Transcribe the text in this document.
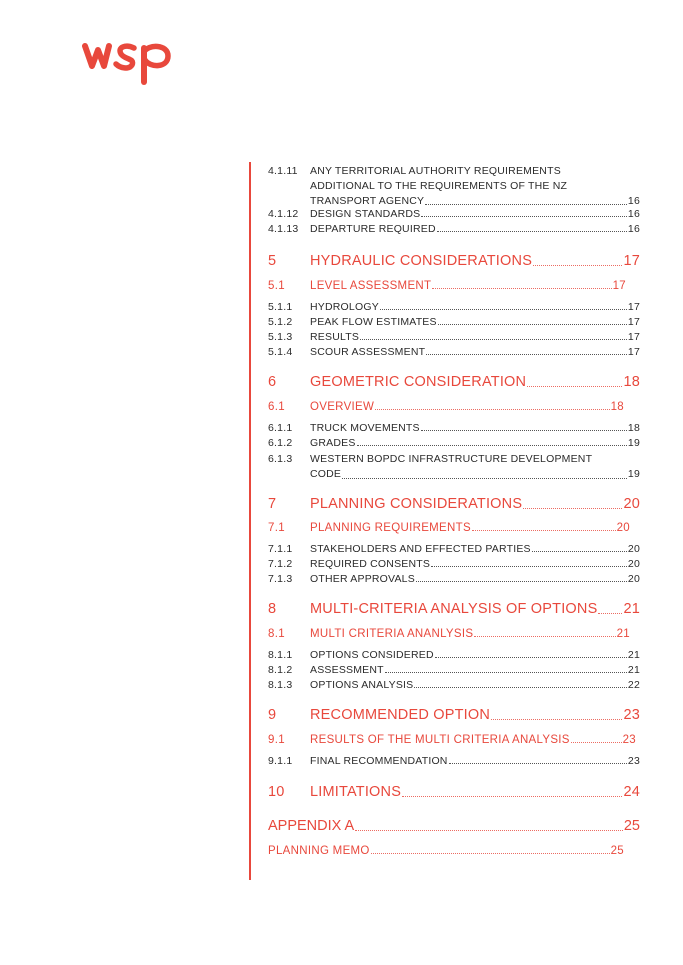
4.1.11 ANY TERRITORIAL AUTHORITY REQUIREMENTS
ADDITIONAL TO THE REQUIREMENTS OF THE NZ
TRANSPORT AGENCY	16
4.1.12	DESIGN STANDARDS	16
4.1.13	DEPARTURE REQUIRED	16
5 HYDRAULIC CONSIDERATIONS	17
5.1 LEVEL ASSESSMENT	17
5.1.1	HYDROLOGY	17
5.1.2	PEAK FLOW ESTIMATES	17
5.1.3	RESULTS	17
5.1.4	SCOUR ASSESSMENT	17
6 GEOMETRIC CONSIDERATION	18
6.1 OVERVIEW	18
6.1.1	TRUCK MOVEMENTS	18
6.1.2	GRADES	19
6.1.3 WESTERN BOPDC INFRASTRUCTURE DEVELOPMENT
CODE	19
7 PLANNING CONSIDERATIONS	20
7.1 PLANNING REQUIREMENTS	20
7.1.1	STAKEHOLDERS AND EFFECTED PARTIES	20
7.1.2	REQUIRED CONSENTS	20
7.1.3	OTHER APPROVALS	20
8 MULTI-CRITERIA ANALYSIS OF OPTIONS 21
8.1 MULTI CRITERIA ANANLYSIS	21
8.1.1	OPTIONS CONSIDERED	21
8.1.2	ASSESSMENT	21
8.1.3	OPTIONS ANALYSIS	22
9 RECOMMENDED OPTION	23
9.1 RESULTS OF THE MULTI CRITERIA ANALYSIS	23
9.1.1	FINAL RECOMMENDATION	23
10 LIMITATIONS	24
APPENDIX A	25
PLANNING MEMO	25
